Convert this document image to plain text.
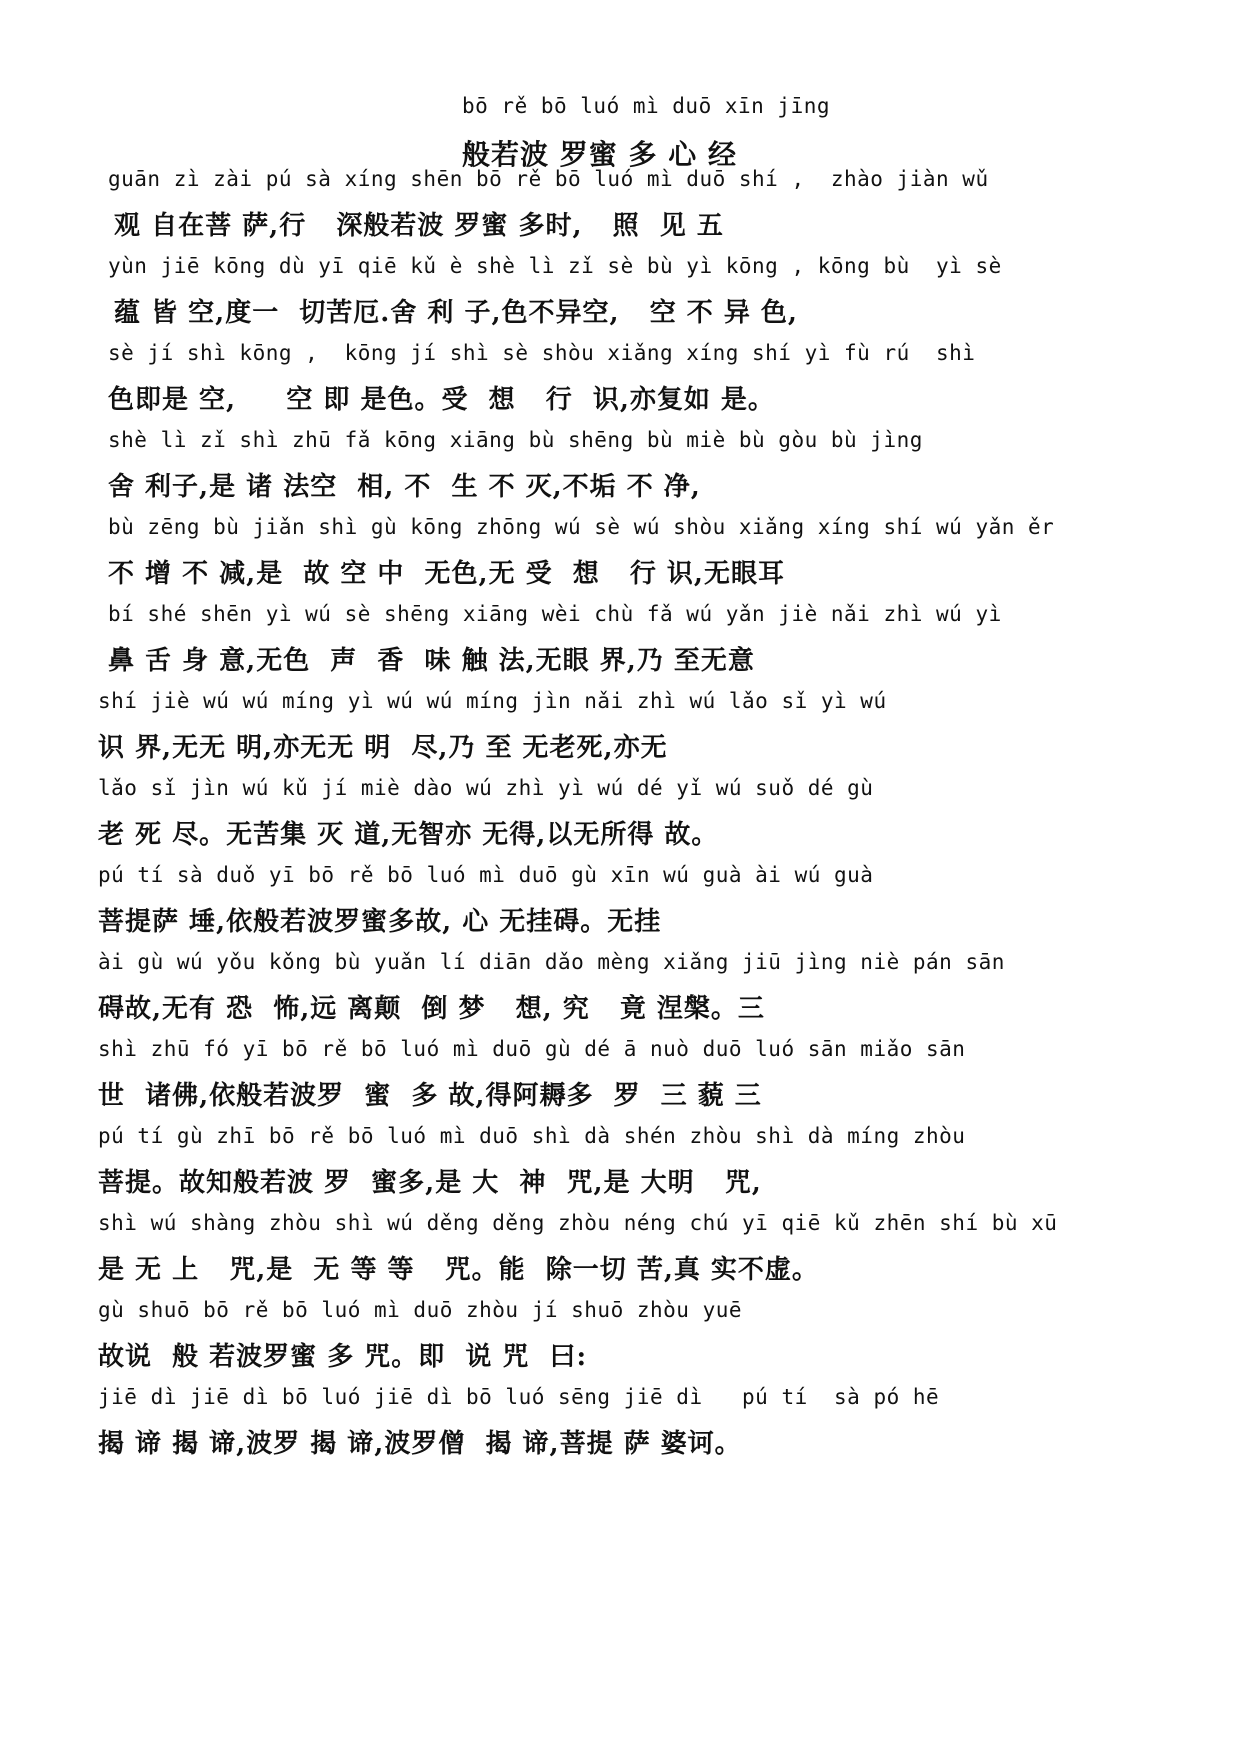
bō rě bō luó mì duō xīn jīng
般若波 罗蜜 多 心 经
guān zì zài pú sà xíng shēn bō rě bō luó mì duō shí ,  zhào jiàn wǔ
观 自在菩 萨,行   深般若波 罗蜜 多时,   照  见 五
yùn jiē kōng dù yī qiē kǔ è shè lì zǐ sè bù yì kōng , kōng bù  yì sè
蕴 皆 空,度一  切苦厄.舍 利 子,色不异空,   空 不 异 色,
sè jí shì kōng ,  kōng jí shì sè shòu xiǎng xíng shí yì fù rú  shì
色即是 空,     空 即 是色。受  想   行  识,亦复如 是。
shè lì zǐ shì zhū fǎ kōng xiāng bù shēng bù miè bù gòu bù jìng
舍 利子,是 诸 法空  相, 不  生 不 灭,不垢 不 净,
bù zēng bù jiǎn shì gù kōng zhōng wú sè wú shòu xiǎng xíng shí wú yǎn ěr
不 增 不 减,是  故 空 中  无色,无 受  想   行 识,无眼耳
bí shé shēn yì wú sè shēng xiāng wèi chù fǎ wú yǎn jiè nǎi zhì wú yì
鼻 舌 身 意,无色  声  香  味 触 法,无眼 界,乃 至无意
shí jiè wú wú míng yì wú wú míng jìn nǎi zhì wú lǎo sǐ yì wú
识 界,无无 明,亦无无 明  尽,乃 至 无老死,亦无
lǎo sǐ jìn wú kǔ jí miè dào wú zhì yì wú dé yǐ wú suǒ dé gù
老 死 尽。无苦集 灭 道,无智亦 无得,以无所得 故。
pú tí sà duǒ yī bō rě bō luó mì duō gù xīn wú guà ài wú guà
菩提萨 埵,依般若波罗蜜多故, 心 无挂碍。无挂
ài gù wú yǒu kǒng bù yuǎn lí diān dǎo mèng xiǎng jiū jìng niè pán sān
碍故,无有 恐  怖,远 离颠  倒 梦   想, 究   竟 涅槃。三
shì zhū fó yī bō rě bō luó mì duō gù dé ā nuò duō luó sān miǎo sān
世  诸佛,依般若波罗  蜜  多 故,得阿耨多  罗  三 藐 三
pú tí gù zhī bō rě bō luó mì duō shì dà shén zhòu shì dà míng zhòu
菩提。故知般若波 罗  蜜多,是 大  神  咒,是 大明   咒,
shì wú shàng zhòu shì wú děng děng zhòu néng chú yī qiē kǔ zhēn shí bù xū
是 无 上   咒,是  无 等 等   咒。能  除一切 苦,真 实不虚。
gù shuō bō rě bō luó mì duō zhòu jí shuō zhòu yuē
故说  般 若波罗蜜 多 咒。即  说 咒  曰:
jiē dì jiē dì bō luó jiē dì bō luó sēng jiē dì   pú tí  sà pó hē
揭 谛 揭 谛,波罗 揭 谛,波罗僧  揭 谛,菩提 萨 婆诃。
